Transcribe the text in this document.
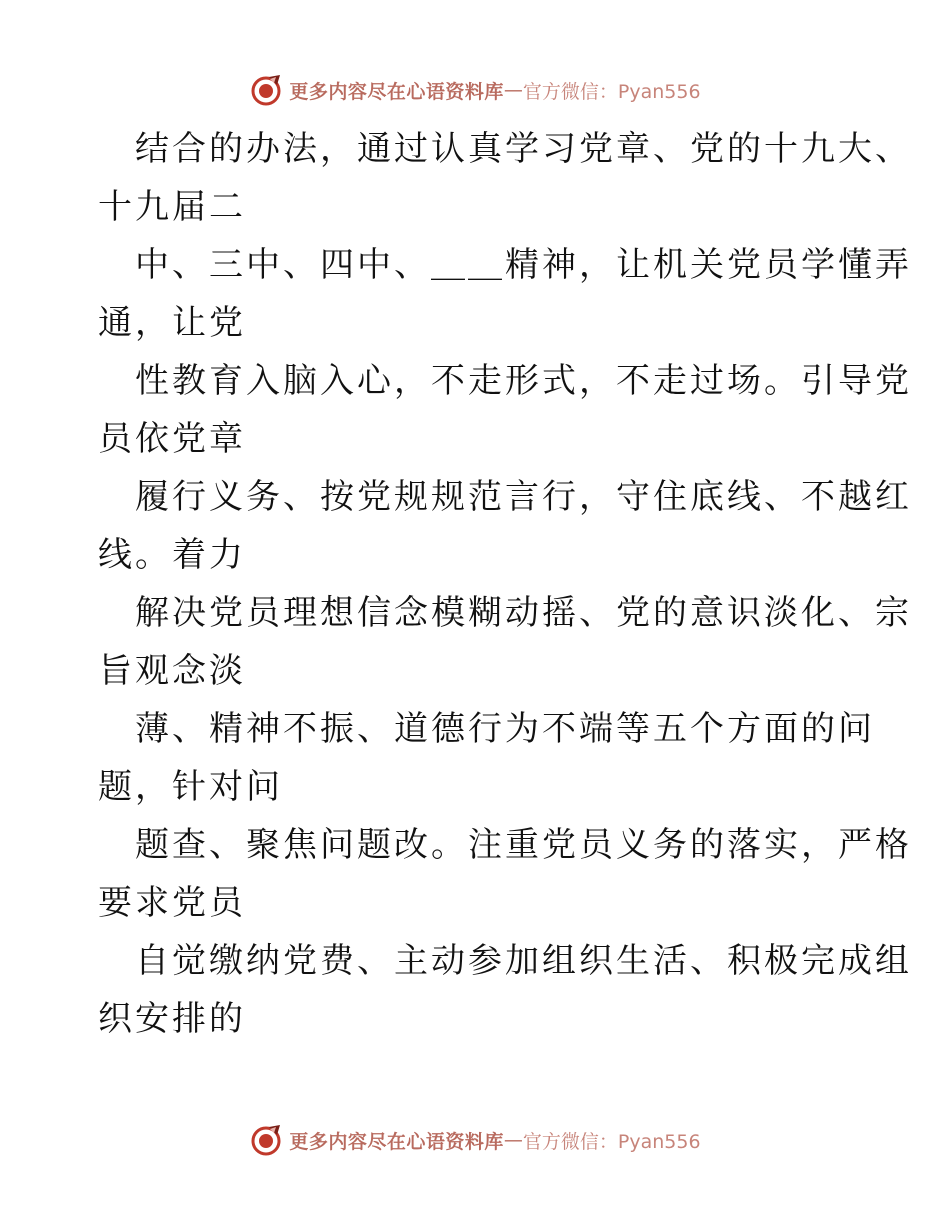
更多内容尽在心语资料库 — 官方微信：Pyan556
结合的办法，通过认真学习党章、党的十九大、
十九届二
中、三中、四中、＿＿精神，让机关党员学懂弄
通，让党
性教育入脑入心，不走形式，不走过场。引导党
员依党章
履行义务、按党规规范言行，守住底线、不越红
线。着力
解决党员理想信念模糊动摇、党的意识淡化、宗
旨观念淡
薄、精神不振、道德行为不端等五个方面的问
题，针对问
题查、聚焦问题改。注重党员义务的落实，严格
要求党员
自觉缴纳党费、主动参加组织生活、积极完成组
织安排的
更多内容尽在心语资料库 — 官方微信：Pyan556
